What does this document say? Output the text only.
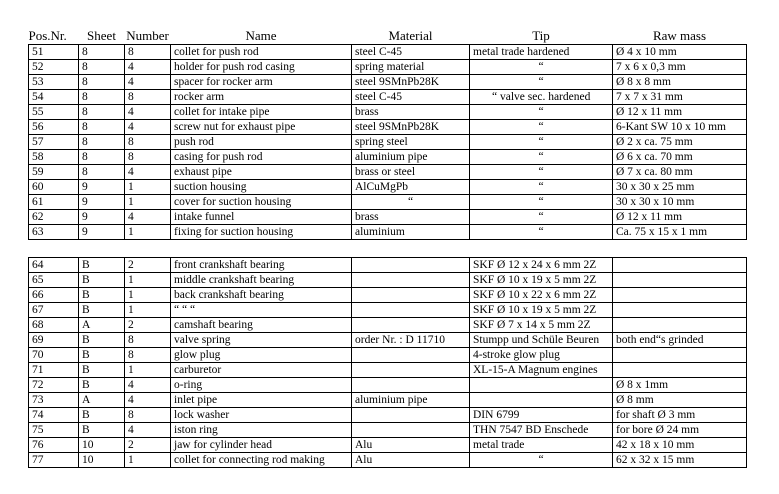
Pos.Nr.	Sheet	Number	Name	Material	Tip	Raw mass
51	8	8	collet for push rod	steel C-45	metal trade hardened	Ø 4 x 10 mm
52	8	4	holder for push rod casing	spring material	“	7 x 6 x 0,3 mm
53	8	4	spacer for rocker arm	steel 9SMnPb28K	“	Ø 8 x 8 mm
54	8	8	rocker arm	steel C-45	“ valve sec. hardened	7 x 7 x 31 mm
55	8	4	collet for intake pipe	brass	“	Ø 12 x 11 mm
56	8	4	screw nut for exhaust pipe	steel 9SMnPb28K	“	6-Kant SW 10 x 10 mm
57	8	8	push rod	spring steel	“	Ø 2 x ca. 75 mm
58	8	8	casing for push rod	aluminium pipe	“	Ø 6 x ca. 70 mm
59	8	4	exhaust pipe	brass or steel	“	Ø 7 x ca. 80 mm
60	9	1	suction housing	AlCuMgPb	“	30 x 30 x 25 mm
61	9	1	cover for suction housing	“	“	30 x 30 x 10 mm
62	9	4	intake funnel	brass	“	Ø 12 x 11 mm
63	9	1	fixing for suction housing	aluminium	“	Ca. 75 x 15 x 1 mm
64	B	2	front crankshaft bearing		SKF Ø 12 x 24 x 6 mm 2Z	
65	B	1	middle crankshaft bearing		SKF Ø 10 x 19 x 5 mm 2Z	
66	B	1	back crankshaft bearing		SKF Ø 10 x 22 x 6 mm 2Z	
67	B	1	“ “ “		SKF Ø 10 x 19 x 5 mm 2Z	
68	A	2	camshaft bearing		SKF Ø 7 x 14 x 5 mm 2Z	
69	B	8	valve spring	order Nr. : D 11710	Stumpp und Schüle Beuren	both end“s grinded
70	B	8	glow plug		4-stroke glow plug	
71	B	1	carburetor		XL-15-A Magnum engines	
72	B	4	o-ring			Ø 8 x 1mm
73	A	4	inlet pipe	aluminium pipe		Ø 8 mm
74	B	8	lock washer		DIN 6799	for shaft Ø 3 mm
75	B	4	iston ring		THN 7547 BD Enschede	for bore Ø 24 mm
76	10	2	jaw for cylinder head	Alu	metal trade	42 x 18 x 10 mm
77	10	1	collet for connecting rod making	Alu	“	62 x 32 x 15 mm
